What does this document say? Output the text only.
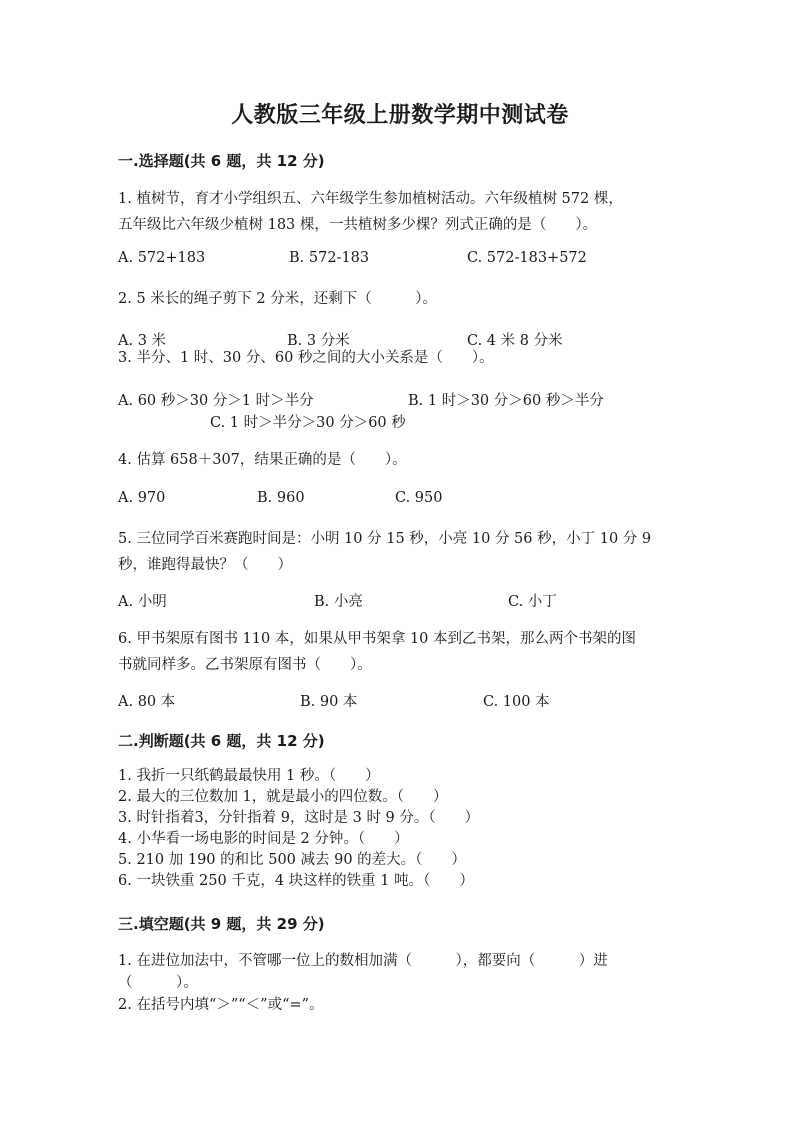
人教版三年级上册数学期中测试卷
一.选择题(共 6 题，共 12 分)
1. 植树节，育才小学组织五、六年级学生参加植树活动。六年级植树 572 棵，
五年级比六年级少植树 183 棵，一共植树多少棵？列式正确的是（　　）。
A. 572+183	B. 572-183	C. 572-183+572
2. 5 米长的绳子剪下 2 分米，还剩下（　　　）。
A. 3 米	B. 3 分米	C. 4 米 8 分米
3. 半分、1 时、30 分、60 秒之间的大小关系是（　　）。
A. 60 秒＞30 分＞1 时＞半分	B. 1 时＞30 分＞60 秒＞半分
C. 1 时＞半分＞30 分＞60 秒
4. 估算 658＋307，结果正确的是（　　）。
A. 970	B. 960	C. 950
5. 三位同学百米赛跑时间是：小明 10 分 15 秒，小亮 10 分 56 秒，小丁 10 分 9
秒，谁跑得最快？（　　）
A. 小明	B. 小亮	C. 小丁
6. 甲书架原有图书 110 本，如果从甲书架拿 10 本到乙书架，那么两个书架的图
书就同样多。乙书架原有图书（　　）。
A. 80 本	B. 90 本	C. 100 本
二.判断题(共 6 题，共 12 分)
1. 我折一只纸鹤最最快用 1 秒。（　　）
2. 最大的三位数加 1，就是最小的四位数。（　　）
3. 时针指着3，分针指着 9，这时是 3 时 9 分。（　　）
4. 小华看一场电影的时间是 2 分钟。（　　）
5. 210 加 190 的和比 500 减去 90 的差大。（　　）
6. 一块铁重 250 千克，4 块这样的铁重 1 吨。（　　）
三.填空题(共 9 题，共 29 分)
1. 在进位加法中，不管哪一位上的数相加满（　　　），都要向（　　　）进
（　　　）。
2. 在括号内填“＞”“＜”或“=”。
